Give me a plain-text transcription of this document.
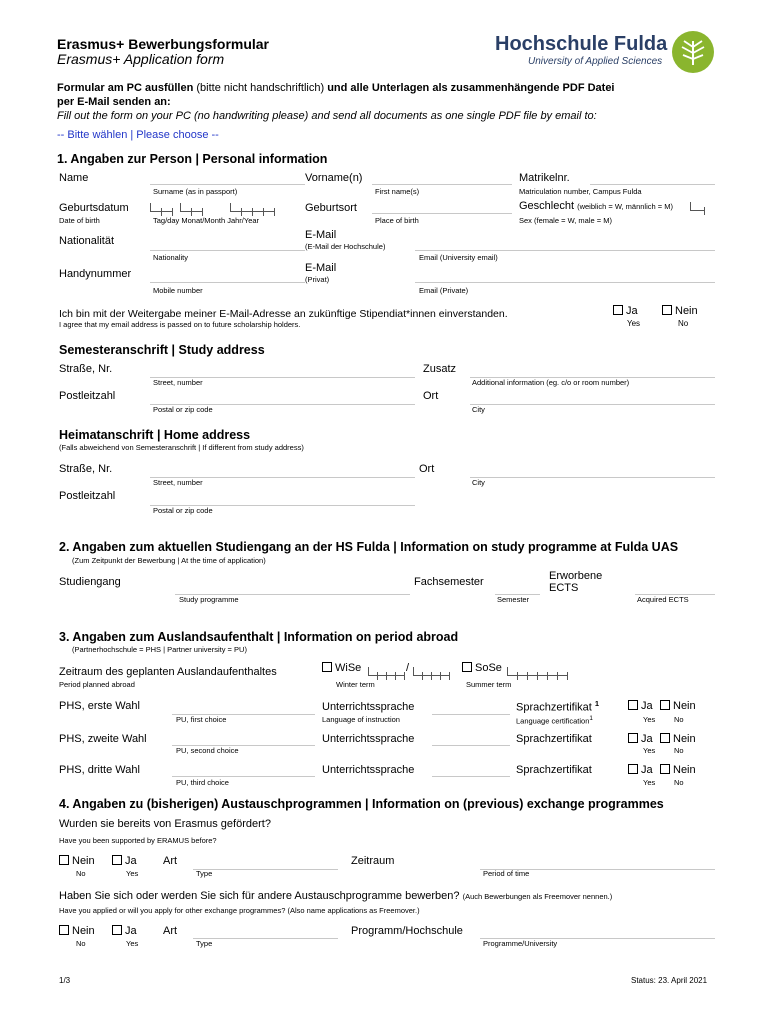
Erasmus+ Bewerbungsformular
Erasmus+ Application form
Hochschule Fulda
University of Applied Sciences
Formular am PC ausfüllen (bitte nicht handschriftlich) und alle Unterlagen als zusammenhängende PDF Datei
per E-Mail senden an:
Fill out the form on your PC (no handwriting please) and send all documents as one single PDF file by email to:
-- Bitte wählen | Please choose --
1. Angaben zur Person | Personal information
Name	Vorname(n)	Matrikelnr.
Surname (as in passport)	First name(s)	Matriculation number, Campus Fulda
Geburtsdatum	Geburtsort	Geschlecht (weiblich = W, männlich = M)
Date of birth	Tag/day Monat/Month Jahr/Year	Place of birth	Sex (female = W, male = M)
Nationalität	E-Mail
(E-Mail der Hochschule)
Nationality	Email (University email)
Handynummer	E-Mail
(Privat)
Mobile number	Email (Private)
Ich bin mit der Weitergabe meiner E-Mail-Adresse an zukünftige Stipendiat*innen einverstanden.
I agree that my email address is passed on to future scholarship holders.
Ja	Nein
Yes	No
Semesteranschrift | Study address
Straße, Nr.	Zusatz
Street, number	Additional information (eg. c/o or room number)
Postleitzahl	Ort
Postal or zip code	City
Heimatanschrift | Home address
(Falls abweichend von Semesteranschrift | If different from study address)
Straße, Nr.	Ort
Street, number	City
Postleitzahl
Postal or zip code
2. Angaben zum aktuellen Studiengang an der HS Fulda | Information on study programme at Fulda UAS
(Zum Zeitpunkt der Bewerbung | At the time of application)
Studiengang	Fachsemester	Erworbene
ECTS
Study programme	Semester	Acquired ECTS
3. Angaben zum Auslandsaufenthalt | Information on period abroad
(Partnerhochschule = PHS | Partner university = PU)
Zeitraum des geplanten Auslandaufenthaltes
Period planned abroad
WiSe	/	SoSe
Winter term	Summer term
PHS, erste Wahl	Unterrichtssprache	Sprachzertifikat $^1$	Ja	Nein
PU, first choice	Language of instruction	Language certification$^1$	Yes	No
PHS, zweite Wahl	Unterrichtssprache	Sprachzertifikat	Ja	Nein
PU, second choice	Yes	No
PHS, dritte Wahl	Unterrichtssprache	Sprachzertifikat	Ja	Nein
PU, third choice	Yes	No
4. Angaben zu (bisherigen) Austauschprogrammen | Information on (previous) exchange programmes
Wurden sie bereits von Erasmus gefördert?
Have you been supported by ERAMUS before?
Nein	Ja Art	Zeitraum
No	Yes	Type	Period of time
Haben Sie sich oder werden Sie sich für andere Austauschprogramme bewerben? (Auch Bewerbungen als Freemover nennen.)
Have you applied or will you apply for other exchange programmes? (Also name applications as Freemover.)
Nein	Ja Art	Programm/Hochschule
No	Yes	Type	Programme/University
1/3	Status: 23. April 2021
